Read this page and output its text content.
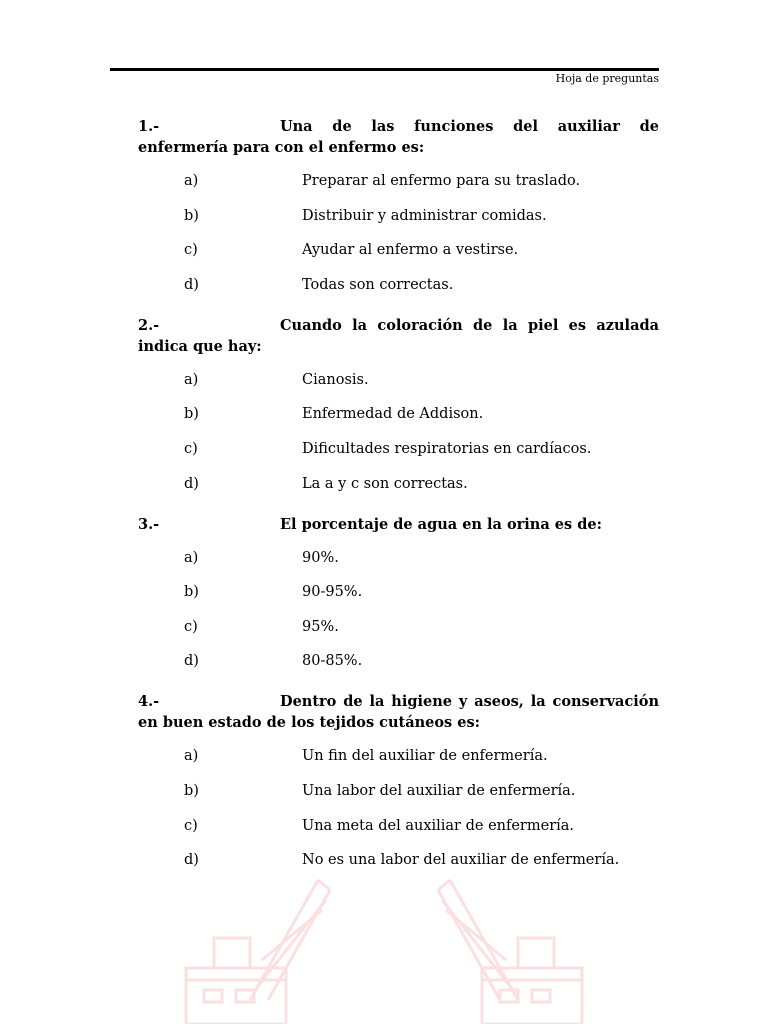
Hoja de preguntas

1.-	Una de las funciones del auxiliar de enfermería para con el enfermo es:

a)	Preparar al enfermo para su traslado.
b)	Distribuir y administrar comidas.
c)	Ayudar al enfermo a vestirse.
d)	Todas son correctas.

2.-	Cuando la coloración de la piel es azulada indica que hay:

a)	Cianosis.
b)	Enfermedad de Addison.
c)	Dificultades respiratorias en cardíacos.
d)	La a y c son correctas.

3.-	El porcentaje de agua en la orina es de:

a)	90%.
b)	90-95%.
c)	95%.
d)	80-85%.

4.-	Dentro de la higiene y aseos, la conservación en buen estado de los tejidos cutáneos es:

a)	Un fin del auxiliar de enfermería.
b)	Una labor del auxiliar de enfermería.
c)	Una meta del auxiliar de enfermería.
d)	No es una labor del auxiliar de enfermería.
